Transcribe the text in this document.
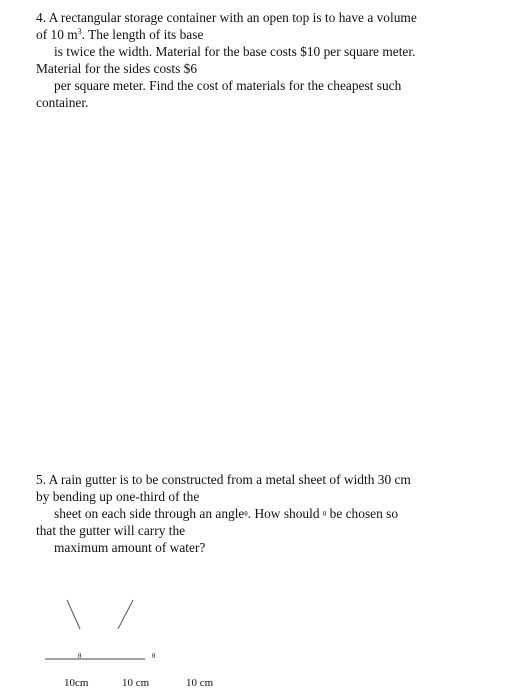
4. A rectangular storage container with an open top is to have a volume
of 10 $m^3$. The length of its base
is twice the width. Material for the base costs $10 per square meter.
Material for the sides costs $6
per square meter. Find the cost of materials for the cheapest such
container.
5. A rain gutter is to be constructed from a metal sheet of width 30 cm
by bending up one-third of the
sheet on each side through an angleθ. How should θ be chosen so
that the gutter will carry the
maximum amount of water?
θ	θ
10cm	10 cm	10 cm
